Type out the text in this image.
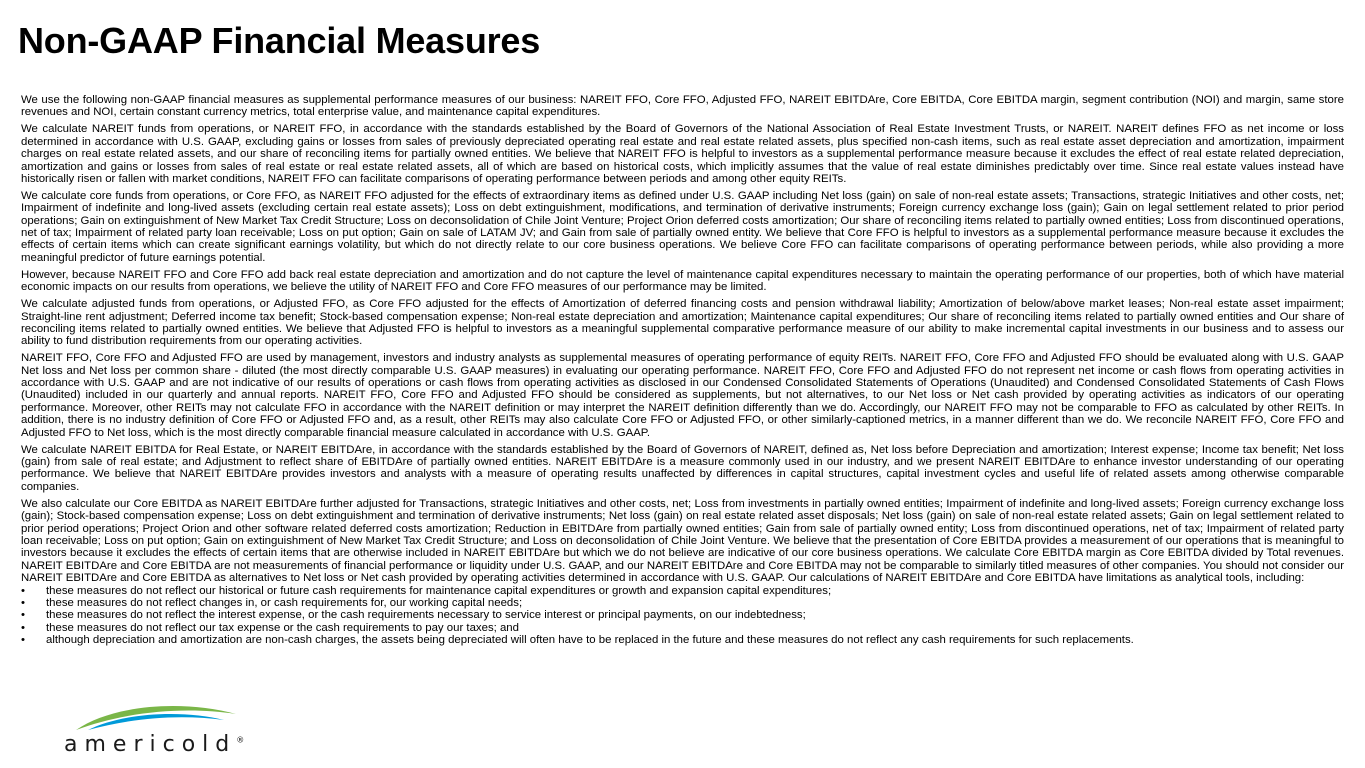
Non-GAAP Financial Measures

We use the following non-GAAP financial measures as supplemental performance measures of our business: NAREIT FFO, Core FFO, Adjusted FFO, NAREIT EBITDAre, Core EBITDA, Core EBITDA margin, segment contribution (NOI) and margin, same store revenues and NOI, certain constant currency metrics, total enterprise value, and maintenance capital expenditures.

We calculate NAREIT funds from operations, or NAREIT FFO, in accordance with the standards established by the Board of Governors of the National Association of Real Estate Investment Trusts, or NAREIT. NAREIT defines FFO as net income or loss determined in accordance with U.S. GAAP, excluding gains or losses from sales of previously depreciated operating real estate and real estate related assets, plus specified non-cash items, such as real estate asset depreciation and amortization, impairment charges on real estate related assets, and our share of reconciling items for partially owned entities. We believe that NAREIT FFO is helpful to investors as a supplemental performance measure because it excludes the effect of real estate related depreciation, amortization and gains or losses from sales of real estate or real estate related assets, all of which are based on historical costs, which implicitly assumes that the value of real estate diminishes predictably over time. Since real estate values instead have historically risen or fallen with market conditions, NAREIT FFO can facilitate comparisons of operating performance between periods and among other equity REITs.

We calculate core funds from operations, or Core FFO, as NAREIT FFO adjusted for the effects of extraordinary items as defined under U.S. GAAP including Net loss (gain) on sale of non-real estate assets; Transactions, strategic Initiatives and other costs, net; Impairment of indefinite and long-lived assets (excluding certain real estate assets); Loss on debt extinguishment, modifications, and termination of derivative instruments; Foreign currency exchange loss (gain); Gain on legal settlement related to prior period operations; Gain on extinguishment of New Market Tax Credit Structure; Loss on deconsolidation of Chile Joint Venture; Project Orion deferred costs amortization; Our share of reconciling items related to partially owned entities; Loss from discontinued operations, net of tax; Impairment of related party loan receivable; Loss on put option; Gain on sale of LATAM JV; and Gain from sale of partially owned entity. We believe that Core FFO is helpful to investors as a supplemental performance measure because it excludes the effects of certain items which can create significant earnings volatility, but which do not directly relate to our core business operations. We believe Core FFO can facilitate comparisons of operating performance between periods, while also providing a more meaningful predictor of future earnings potential.

However, because NAREIT FFO and Core FFO add back real estate depreciation and amortization and do not capture the level of maintenance capital expenditures necessary to maintain the operating performance of our properties, both of which have material economic impacts on our results from operations, we believe the utility of NAREIT FFO and Core FFO measures of our performance may be limited.

We calculate adjusted funds from operations, or Adjusted FFO, as Core FFO adjusted for the effects of Amortization of deferred financing costs and pension withdrawal liability; Amortization of below/above market leases; Non-real estate asset impairment; Straight-line rent adjustment; Deferred income tax benefit; Stock-based compensation expense; Non-real estate depreciation and amortization; Maintenance capital expenditures; Our share of reconciling items related to partially owned entities and Our share of reconciling items related to partially owned entities. We believe that Adjusted FFO is helpful to investors as a meaningful supplemental comparative performance measure of our ability to make incremental capital investments in our business and to assess our ability to fund distribution requirements from our operating activities.

NAREIT FFO, Core FFO and Adjusted FFO are used by management, investors and industry analysts as supplemental measures of operating performance of equity REITs. NAREIT FFO, Core FFO and Adjusted FFO should be evaluated along with U.S. GAAP Net loss and Net loss per common share - diluted (the most directly comparable U.S. GAAP measures) in evaluating our operating performance. NAREIT FFO, Core FFO and Adjusted FFO do not represent net income or cash flows from operating activities in accordance with U.S. GAAP and are not indicative of our results of operations or cash flows from operating activities as disclosed in our Condensed Consolidated Statements of Operations (Unaudited) and Condensed Consolidated Statements of Cash Flows (Unaudited) included in our quarterly and annual reports. NAREIT FFO, Core FFO and Adjusted FFO should be considered as supplements, but not alternatives, to our Net loss or Net cash provided by operating activities as indicators of our operating performance. Moreover, other REITs may not calculate FFO in accordance with the NAREIT definition or may interpret the NAREIT definition differently than we do. Accordingly, our NAREIT FFO may not be comparable to FFO as calculated by other REITs. In addition, there is no industry definition of Core FFO or Adjusted FFO and, as a result, other REITs may also calculate Core FFO or Adjusted FFO, or other similarly-captioned metrics, in a manner different than we do. We reconcile NAREIT FFO, Core FFO and Adjusted FFO to Net loss, which is the most directly comparable financial measure calculated in accordance with U.S. GAAP.

We calculate NAREIT EBITDA for Real Estate, or NAREIT EBITDAre, in accordance with the standards established by the Board of Governors of NAREIT, defined as, Net loss before Depreciation and amortization; Interest expense; Income tax benefit; Net loss (gain) from sale of real estate; and Adjustment to reflect share of EBITDAre of partially owned entities. NAREIT EBITDAre is a measure commonly used in our industry, and we present NAREIT EBITDAre to enhance investor understanding of our operating performance. We believe that NAREIT EBITDAre provides investors and analysts with a measure of operating results unaffected by differences in capital structures, capital investment cycles and useful life of related assets among otherwise comparable companies.

We also calculate our Core EBITDA as NAREIT EBITDAre further adjusted for Transactions, strategic Initiatives and other costs, net; Loss from investments in partially owned entities; Impairment of indefinite and long-lived assets; Foreign currency exchange loss (gain); Stock-based compensation expense; Loss on debt extinguishment and termination of derivative instruments; Net loss (gain) on real estate related asset disposals; Net loss (gain) on sale of non-real estate related assets; Gain on legal settlement related to prior period operations; Project Orion and other software related deferred costs amortization; Reduction in EBITDAre from partially owned entities; Gain from sale of partially owned entity; Loss from discontinued operations, net of tax; Impairment of related party loan receivable; Loss on put option; Gain on extinguishment of New Market Tax Credit Structure; and Loss on deconsolidation of Chile Joint Venture. We believe that the presentation of Core EBITDA provides a measurement of our operations that is meaningful to investors because it excludes the effects of certain items that are otherwise included in NAREIT EBITDAre but which we do not believe are indicative of our core business operations. We calculate Core EBITDA margin as Core EBITDA divided by Total revenues. NAREIT EBITDAre and Core EBITDA are not measurements of financial performance or liquidity under U.S. GAAP, and our NAREIT EBITDAre and Core EBITDA may not be comparable to similarly titled measures of other companies. You should not consider our NAREIT EBITDAre and Core EBITDA as alternatives to Net loss or Net cash provided by operating activities determined in accordance with U.S. GAAP. Our calculations of NAREIT EBITDAre and Core EBITDA have limitations as analytical tools, including:

• these measures do not reflect our historical or future cash requirements for maintenance capital expenditures or growth and expansion capital expenditures;
• these measures do not reflect changes in, or cash requirements for, our working capital needs;
• these measures do not reflect the interest expense, or the cash requirements necessary to service interest or principal payments, on our indebtedness;
• these measures do not reflect our tax expense or the cash requirements to pay our taxes; and
• although depreciation and amortization are non-cash charges, the assets being depreciated will often have to be replaced in the future and these measures do not reflect any cash requirements for such replacements.

americold®
